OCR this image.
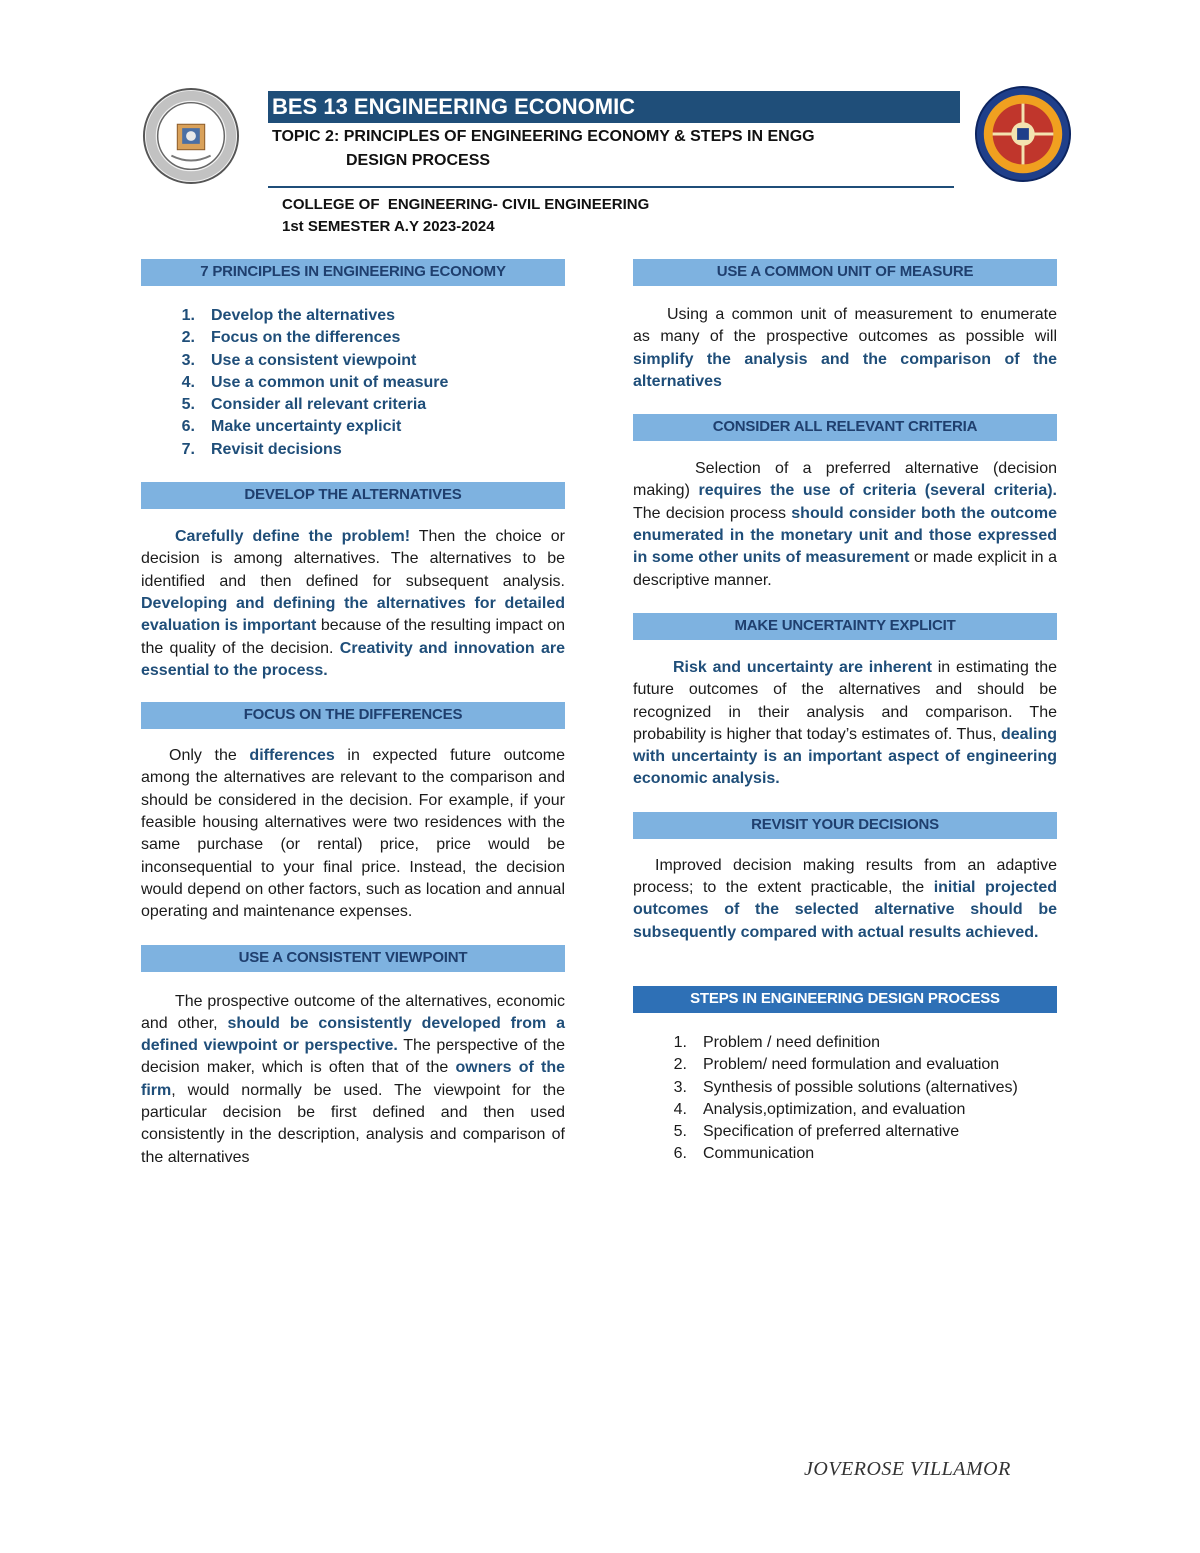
BES 13 ENGINEERING ECONOMIC
TOPIC 2: PRINCIPLES OF ENGINEERING ECONOMY & STEPS IN ENGG
DESIGN PROCESS
COLLEGE OF  ENGINEERING- CIVIL ENGINEERING
1st SEMESTER A.Y 2023-2024
7 PRINCIPLES IN ENGINEERING ECONOMY
1.	Develop the alternatives
2.	Focus on the differences
3.	Use a consistent viewpoint
4.	Use a common unit of measure
5.	Consider all relevant criteria
6.	Make uncertainty explicit
7.	Revisit decisions
DEVELOP THE ALTERNATIVES

Carefully define the problem! Then the choice or decision is among alternatives. The alternatives to be identified and then defined for subsequent analysis. Developing and defining the alternatives for detailed evaluation is important because of the resulting impact on the quality of the decision. Creativity and innovation are essential to the process.

FOCUS ON THE DIFFERENCES

Only the differences in expected future outcome among the alternatives are relevant to the comparison and should be considered in the decision. For example, if your feasible housing alternatives were two residences with the same purchase (or rental) price, price would be inconsequential to your final price. Instead, the decision would depend on other factors, such as location and annual operating and maintenance expenses.

USE A CONSISTENT VIEWPOINT

The prospective outcome of the alternatives, economic and other, should be consistently developed from a defined viewpoint or perspective. The perspective of the decision maker, which is often that of the owners of the firm, would normally be used. The viewpoint for the particular decision be first defined and then used consistently in the description, analysis and comparison of the alternatives

USE A COMMON UNIT OF MEASURE

Using a common unit of measurement to enumerate as many of the prospective outcomes as possible will simplify the analysis and the comparison of the alternatives

CONSIDER ALL RELEVANT CRITERIA

Selection of a preferred alternative (decision making) requires the use of criteria (several criteria). The decision process should consider both the outcome enumerated in the monetary unit and those expressed in some other units of measurement or made explicit in a descriptive manner.

MAKE UNCERTAINTY EXPLICIT

Risk and uncertainty are inherent in estimating the future outcomes of the alternatives and should be recognized in their analysis and comparison. The probability is higher that today’s estimates of. Thus, dealing with uncertainty is an important aspect of engineering economic analysis.

REVISIT YOUR DECISIONS

Improved decision making results from an adaptive process; to the extent practicable, the initial projected outcomes of the selected alternative should be subsequently compared with actual results achieved.

STEPS IN ENGINEERING DESIGN PROCESS
1.	Problem / need definition
2.	Problem/ need formulation and evaluation
3.	Synthesis of possible solutions (alternatives)
4.	Analysis,optimization, and evaluation
5.	Specification of preferred alternative
6.	Communication
JOVEROSE VILLAMOR
